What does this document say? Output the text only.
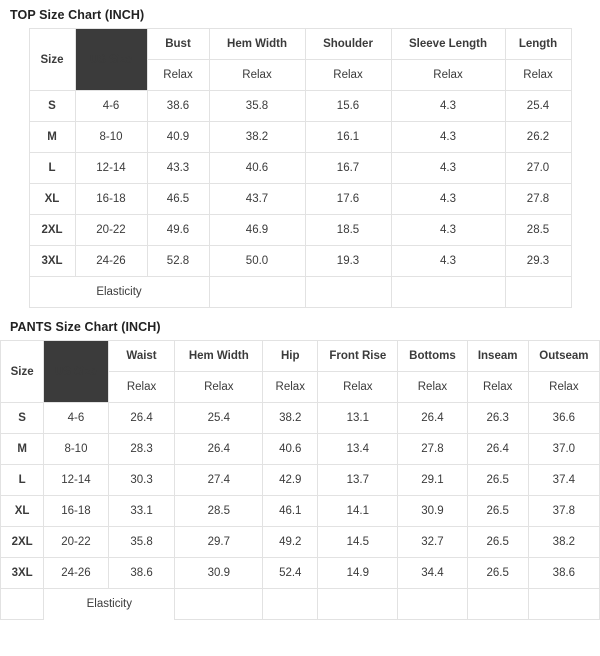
TOP Size Chart (INCH)
Size	US Size	Bust	Hem Width	Shoulder	Sleeve Length	Length
		Relax	Relax	Relax	Relax	Relax
S	4-6	38.6	35.8	15.6	4.3	25.4
M	8-10	40.9	38.2	16.1	4.3	26.2
L	12-14	43.3	40.6	16.7	4.3	27.0
XL	16-18	46.5	43.7	17.6	4.3	27.8
2XL	20-22	49.6	46.9	18.5	4.3	28.5
3XL	24-26	52.8	50.0	19.3	4.3	29.3
Elasticity						
PANTS Size Chart (INCH)
Size	US Size	Waist	Hem Width	Hip	Front Rise	Bottoms	Inseam	Outseam
		Relax	Relax	Relax	Relax	Relax	Relax	Relax
S	4-6	26.4	25.4	38.2	13.1	26.4	26.3	36.6
M	8-10	28.3	26.4	40.6	13.4	27.8	26.4	37.0
L	12-14	30.3	27.4	42.9	13.7	29.1	26.5	37.4
XL	16-18	33.1	28.5	46.1	14.1	30.9	26.5	37.8
2XL	20-22	35.8	29.7	49.2	14.5	32.7	26.5	38.2
3XL	24-26	38.6	30.9	52.4	14.9	34.4	26.5	38.6
	Elasticity							
